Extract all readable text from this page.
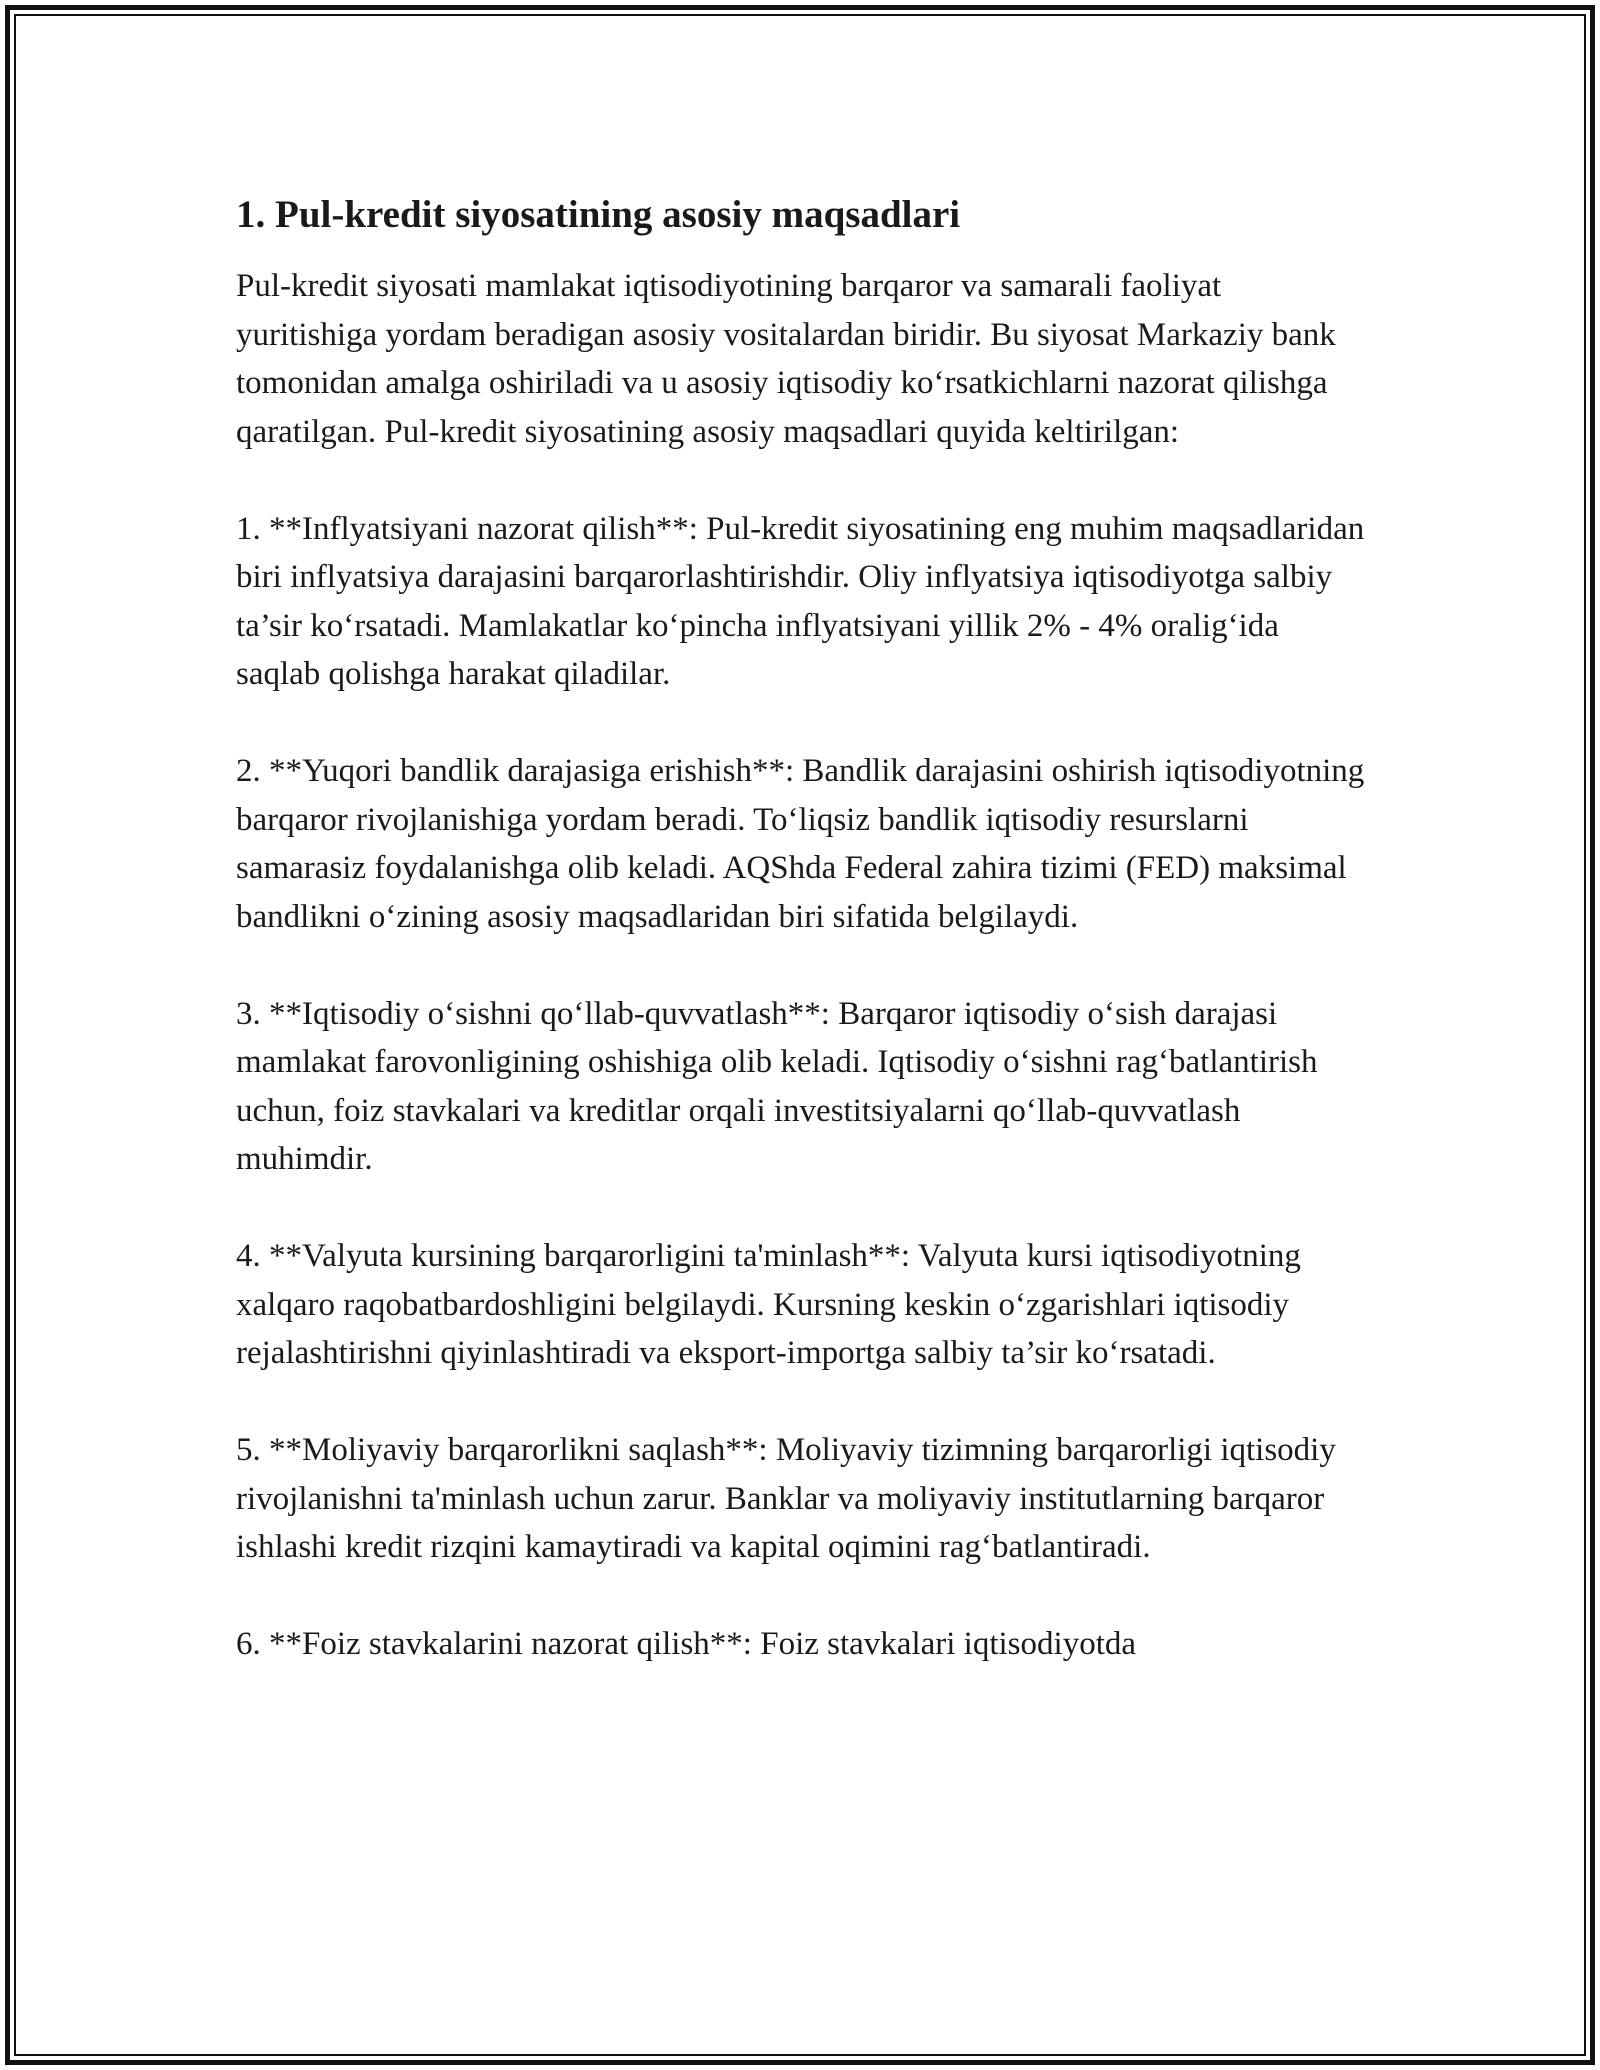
1. Pul-kredit siyosatining asosiy maqsadlari

Pul-kredit siyosati mamlakat iqtisodiyotining barqaror va samarali faoliyat yuritishiga yordam beradigan asosiy vositalardan biridir. Bu siyosat Markaziy bank tomonidan amalga oshiriladi va u asosiy iqtisodiy ko‘rsatkichlarni nazorat qilishga qaratilgan. Pul-kredit siyosatining asosiy maqsadlari quyida keltirilgan:

1. **Inflyatsiyani nazorat qilish**: Pul-kredit siyosatining eng muhim maqsadlaridan biri inflyatsiya darajasini barqarorlashtirishdir. Oliy inflyatsiya iqtisodiyotga salbiy ta’sir ko‘rsatadi. Mamlakatlar ko‘pincha inflyatsiyani yillik 2% - 4% oralig‘ida saqlab qolishga harakat qiladilar.

2. **Yuqori bandlik darajasiga erishish**: Bandlik darajasini oshirish iqtisodiyotning barqaror rivojlanishiga yordam beradi. To‘liqsiz bandlik iqtisodiy resurslarni samarasiz foydalanishga olib keladi. AQShda Federal zahira tizimi (FED) maksimal bandlikni o‘zining asosiy maqsadlaridan biri sifatida belgilaydi.

3. **Iqtisodiy o‘sishni qo‘llab-quvvatlash**: Barqaror iqtisodiy o‘sish darajasi mamlakat farovonligining oshishiga olib keladi. Iqtisodiy o‘sishni rag‘batlantirish uchun, foiz stavkalari va kreditlar orqali investitsiyalarni qo‘llab-quvvatlash muhimdir.

4. **Valyuta kursining barqarorligini ta'minlash**: Valyuta kursi iqtisodiyotning xalqaro raqobatbardoshligini belgilaydi. Kursning keskin o‘zgarishlari iqtisodiy rejalashtirishni qiyinlashtiradi va eksport-importga salbiy ta’sir ko‘rsatadi.

5. **Moliyaviy barqarorlikni saqlash**: Moliyaviy tizimning barqarorligi iqtisodiy rivojlanishni ta'minlash uchun zarur. Banklar va moliyaviy institutlarning barqaror ishlashi kredit rizqini kamaytiradi va kapital oqimini rag‘batlantiradi.

6. **Foiz stavkalarini nazorat qilish**: Foiz stavkalari iqtisodiyotda
